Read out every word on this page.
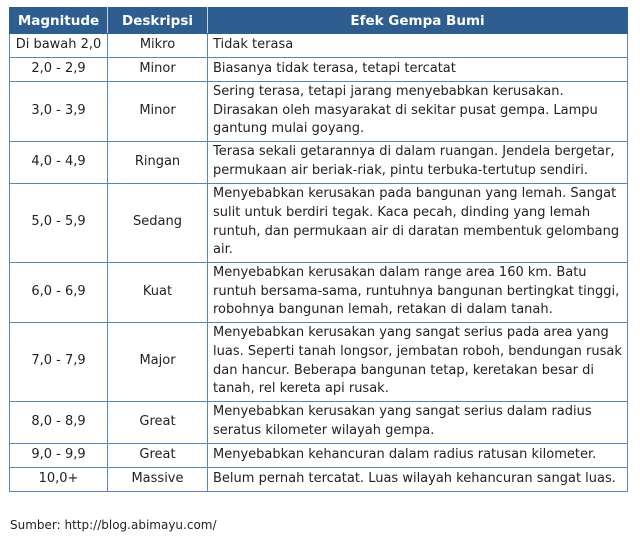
Magnitude	Deskripsi	Efek Gempa Bumi
Di bawah 2,0	Mikro	Tidak terasa
2,0 - 2,9	Minor	Biasanya tidak terasa, tetapi tercatat
3,0 - 3,9	Minor	Sering terasa, tetapi jarang menyebabkan kerusakan. Dirasakan oleh masyarakat di sekitar pusat gempa. Lampu gantung mulai goyang.
4,0 - 4,9	Ringan	Terasa sekali getarannya di dalam ruangan. Jendela bergetar, permukaan air beriak-riak, pintu terbuka-tertutup sendiri.
5,0 - 5,9	Sedang	Menyebabkan kerusakan pada bangunan yang lemah. Sangat sulit untuk berdiri tegak. Kaca pecah, dinding yang lemah runtuh, dan permukaan air di daratan membentuk gelombang air.
6,0 - 6,9	Kuat	Menyebabkan kerusakan dalam range area 160 km. Batu runtuh bersama-sama, runtuhnya bangunan bertingkat tinggi, robohnya bangunan lemah, retakan di dalam tanah.
7,0 - 7,9	Major	Menyebabkan kerusakan yang sangat serius pada area yang luas. Seperti tanah longsor, jembatan roboh, bendungan rusak dan hancur. Beberapa bangunan tetap, keretakan besar di tanah, rel kereta api rusak.
8,0 - 8,9	Great	Menyebabkan kerusakan yang sangat serius dalam radius seratus kilometer wilayah gempa.
9,0 - 9,9	Great	Menyebabkan kehancuran dalam radius ratusan kilometer.
10,0+	Massive	Belum pernah tercatat. Luas wilayah kehancuran sangat luas.
Sumber: http://blog.abimayu.com/
